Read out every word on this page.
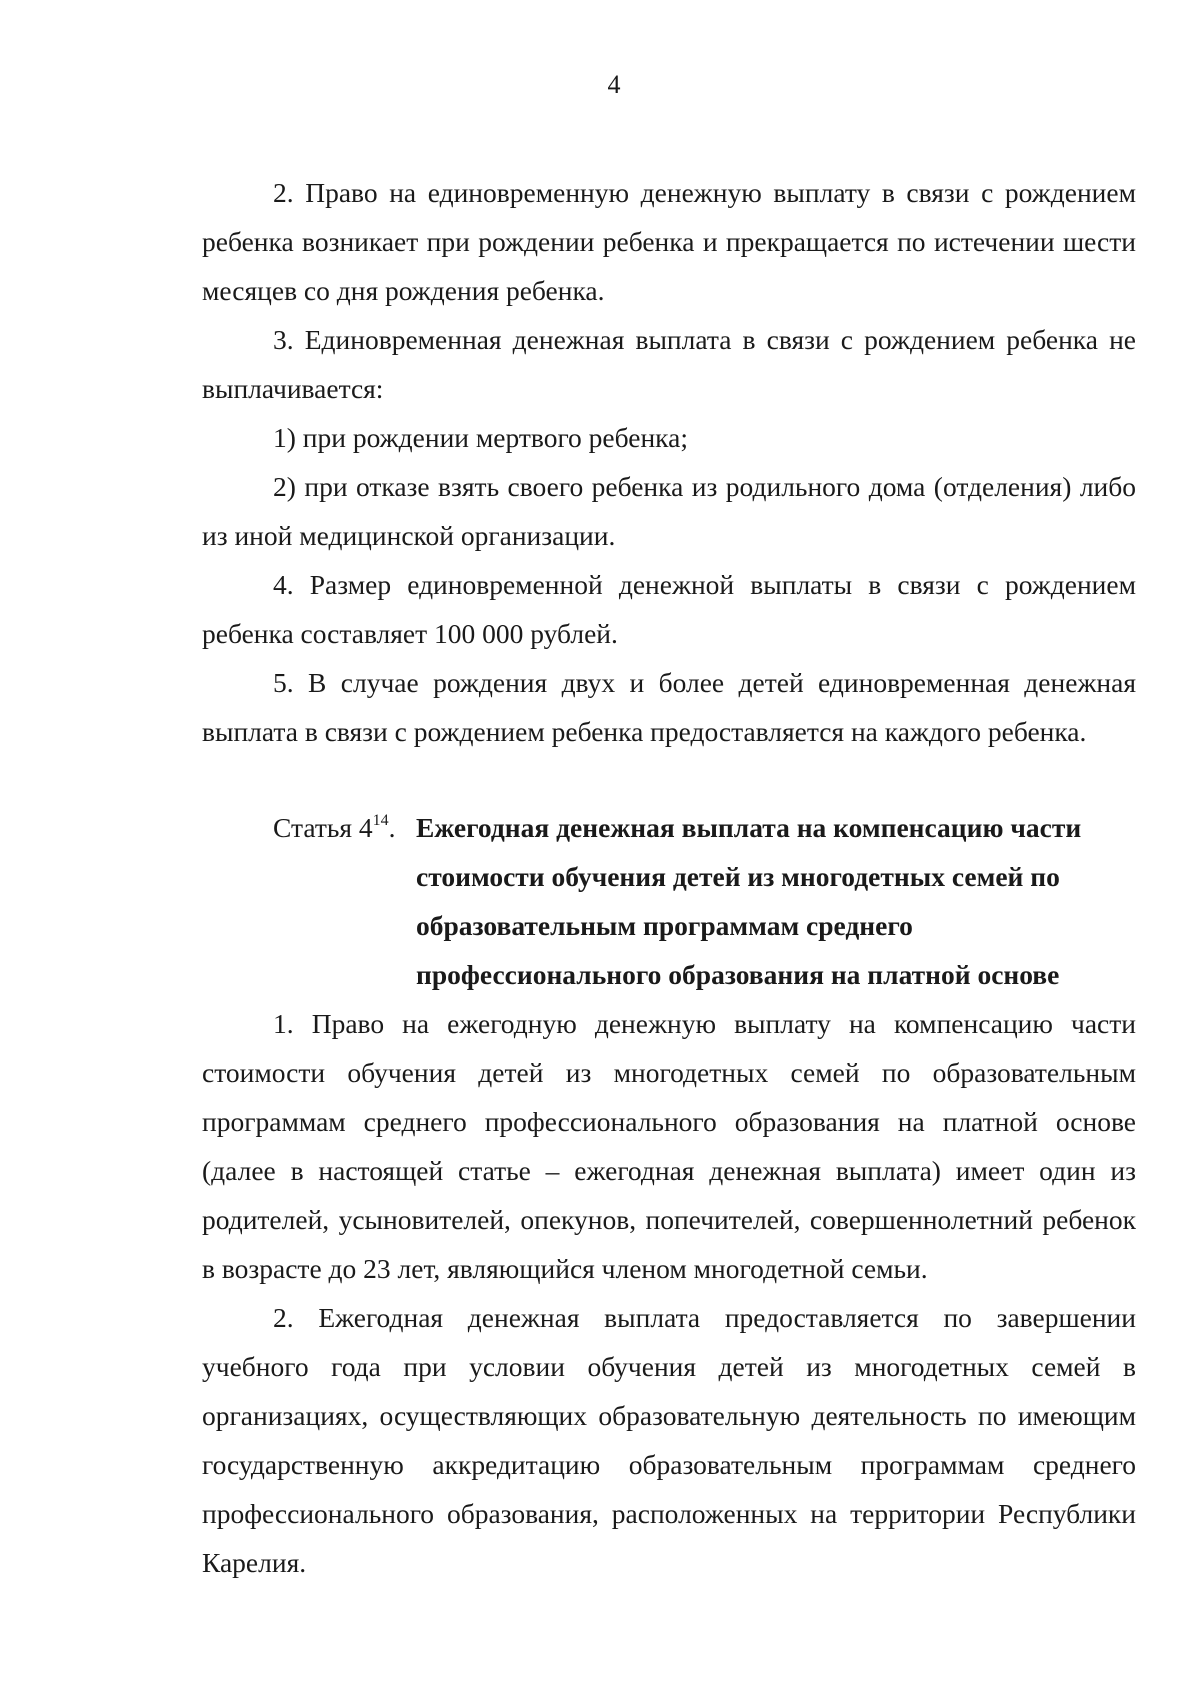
4

2. Право на единовременную денежную выплату в связи с рождением ребенка возникает при рождении ребенка и прекращается по истечении шести месяцев со дня рождения ребенка.

3. Единовременная денежная выплата в связи с рождением ребенка не выплачивается:

1) при рождении мертвого ребенка;

2) при отказе взять своего ребенка из родильного дома (отделения) либо из иной медицинской организации.

4. Размер единовременной денежной выплаты в связи с рождением ребенка составляет 100 000 рублей.

5. В случае рождения двух и более детей единовременная денежная выплата в связи с рождением ребенка предоставляется на каждого ребенка.

Статья $4^{14}$. Ежегодная денежная выплата на компенсацию части стоимости обучения детей из многодетных семей по образовательным программам среднего профессионального образования на платной основе

1. Право на ежегодную денежную выплату на компенсацию части стоимости обучения детей из многодетных семей по образовательным программам среднего профессионального образования на платной основе (далее в настоящей статье – ежегодная денежная выплата) имеет один из родителей, усыновителей, опекунов, попечителей, совершеннолетний ребенок в возрасте до 23 лет, являющийся членом многодетной семьи.

2. Ежегодная денежная выплата предоставляется по завершении учебного года при условии обучения детей из многодетных семей в организациях, осуществляющих образовательную деятельность по имеющим государственную аккредитацию образовательным программам среднего профессионального образования, расположенных на территории Республики Карелия.
